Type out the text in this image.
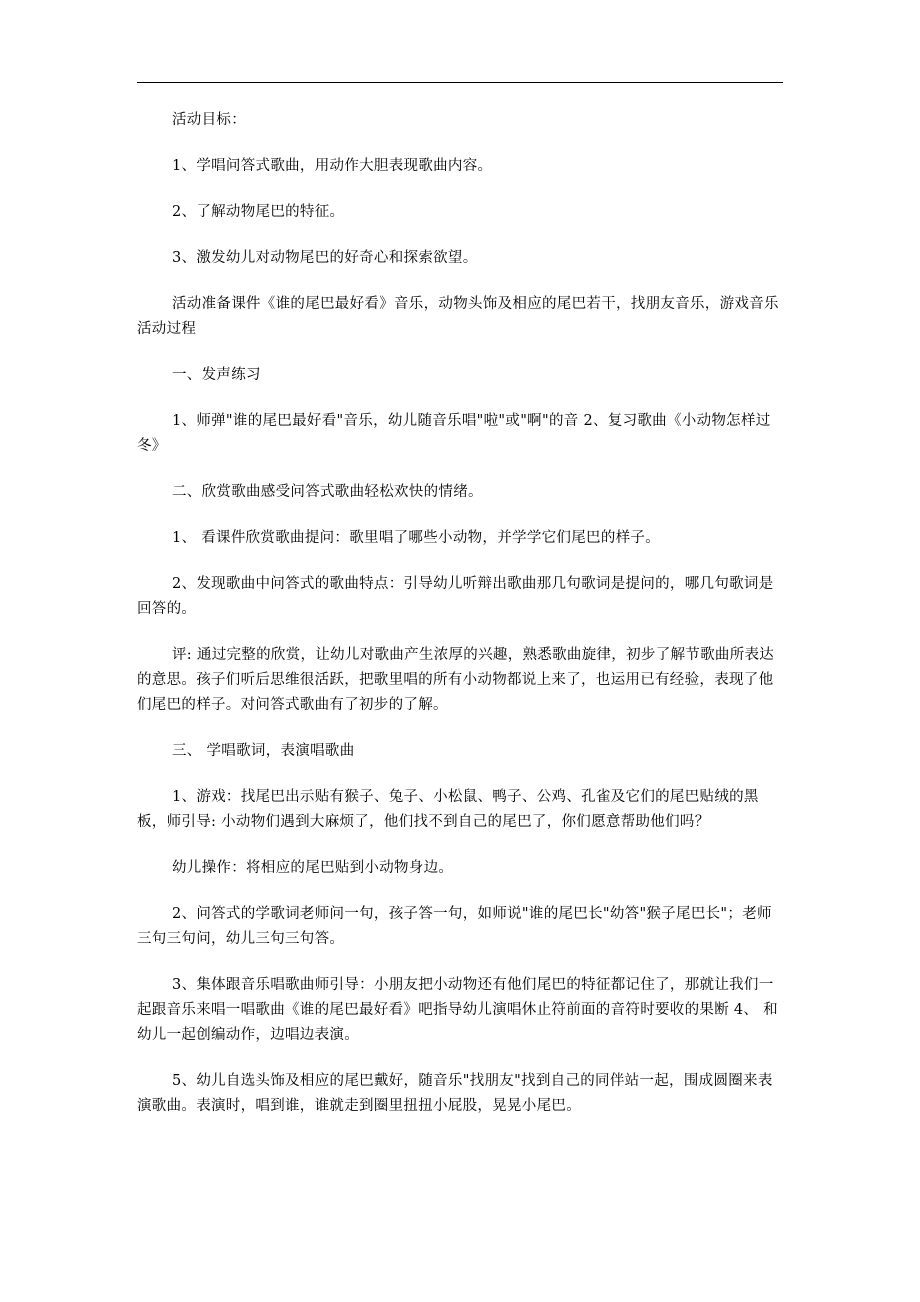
活动目标：

1、学唱问答式歌曲，用动作大胆表现歌曲内容。

2、了解动物尾巴的特征。

3、激发幼儿对动物尾巴的好奇心和探索欲望。

活动准备课件《谁的尾巴最好看》音乐，动物头饰及相应的尾巴若干，找朋友音乐，游戏音乐活动过程

一、发声练习

1、师弹"谁的尾巴最好看"音乐，幼儿随音乐唱"啦"或"啊"的音 2、复习歌曲《小动物怎样过冬》

二、欣赏歌曲感受问答式歌曲轻松欢快的情绪。

1、 看课件欣赏歌曲提问：歌里唱了哪些小动物，并学学它们尾巴的样子。

2、发现歌曲中问答式的歌曲特点：引导幼儿听辩出歌曲那几句歌词是提问的，哪几句歌词是回答的。

评: 通过完整的欣赏，让幼儿对歌曲产生浓厚的兴趣，熟悉歌曲旋律，初步了解节歌曲所表达的意思。孩子们听后思维很活跃，把歌里唱的所有小动物都说上来了，也运用已有经验，表现了他们尾巴的样子。对问答式歌曲有了初步的了解。

三、 学唱歌词，表演唱歌曲

1、游戏：找尾巴出示贴有猴子、兔子、小松鼠、鸭子、公鸡、孔雀及它们的尾巴贴绒的黑板，师引导: 小动物们遇到大麻烦了，他们找不到自己的尾巴了，你们愿意帮助他们吗？

幼儿操作：将相应的尾巴贴到小动物身边。

2、问答式的学歌词老师问一句，孩子答一句，如师说"谁的尾巴长"幼答"猴子尾巴长"；老师三句三句问，幼儿三句三句答。

3、集体跟音乐唱歌曲师引导：小朋友把小动物还有他们尾巴的特征都记住了，那就让我们一起跟音乐来唱一唱歌曲《谁的尾巴最好看》吧指导幼儿演唱休止符前面的音符时要收的果断 4、 和幼儿一起创编动作，边唱边表演。

5、幼儿自选头饰及相应的尾巴戴好，随音乐"找朋友"找到自己的同伴站一起，围成圆圈来表演歌曲。表演时，唱到谁，谁就走到圈里扭扭小屁股，晃晃小尾巴。
